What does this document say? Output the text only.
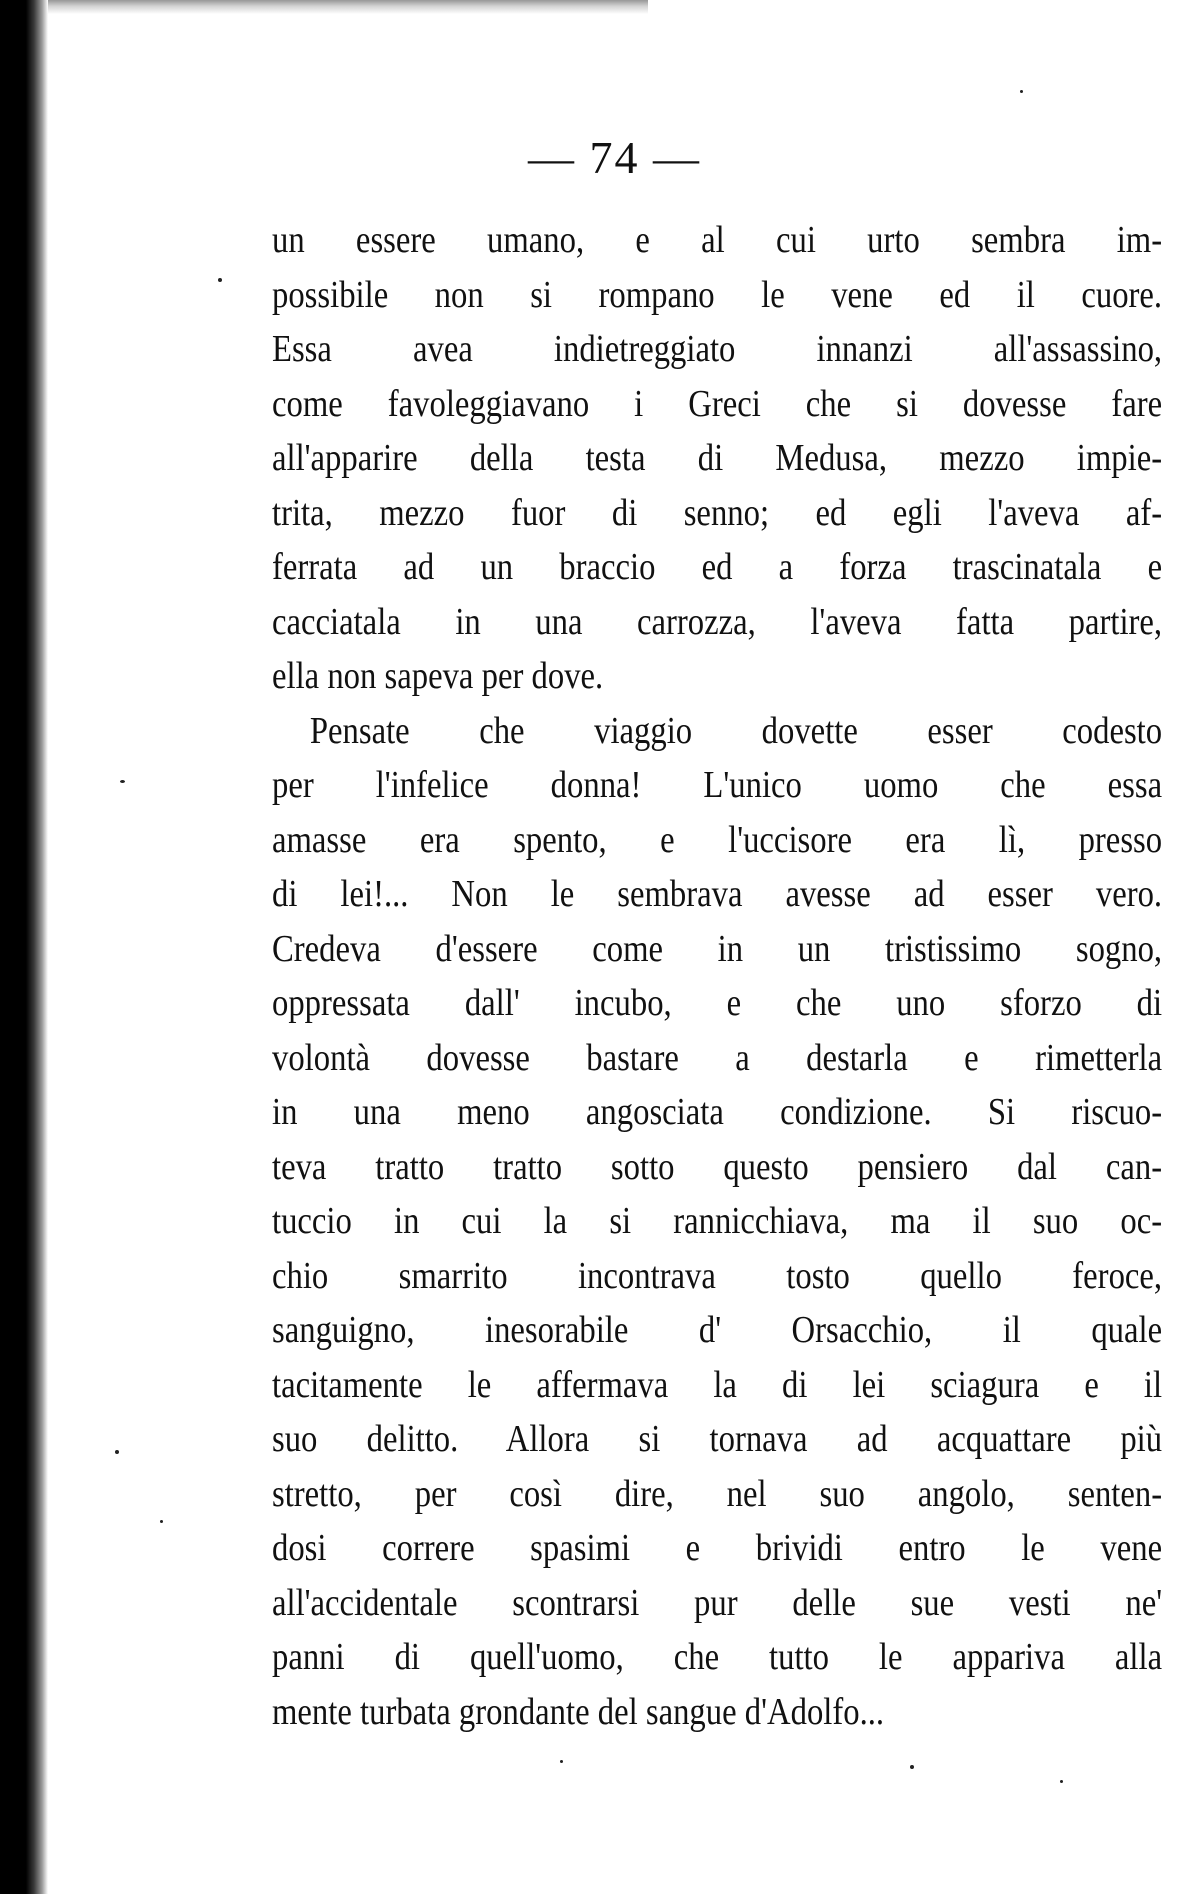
— 74 —
un essere umano, e al cui urto sembra im-
possibile non si rompano le vene ed il cuore.
Essa avea indietreggiato innanzi all'assassino,
come favoleggiavano i Greci che si dovesse fare
all'apparire della testa di Medusa, mezzo impie-
trita, mezzo fuor di senno; ed egli l'aveva af-
ferrata ad un braccio ed a forza trascinatala e
cacciatala in una carrozza, l'aveva fatta partire,
ella non sapeva per dove.
Pensate che viaggio dovette esser codesto
per l'infelice donna! L'unico uomo che essa
amasse era spento, e l'uccisore era lì, presso
di lei!... Non le sembrava avesse ad esser vero.
Credeva d'essere come in un tristissimo sogno,
oppressata dall' incubo, e che uno sforzo di
volontà dovesse bastare a destarla e rimetterla
in una meno angosciata condizione. Si riscuo-
teva tratto tratto sotto questo pensiero dal can-
tuccio in cui la si rannicchiava, ma il suo oc-
chio smarrito incontrava tosto quello feroce,
sanguigno, inesorabile d' Orsacchio, il quale
tacitamente le affermava la di lei sciagura e il
suo delitto. Allora si tornava ad acquattare più
stretto, per così dire, nel suo angolo, senten-
dosi correre spasimi e brividi entro le vene
all'accidentale scontrarsi pur delle sue vesti ne'
panni di quell'uomo, che tutto le appariva alla
mente turbata grondante del sangue d'Adolfo...
